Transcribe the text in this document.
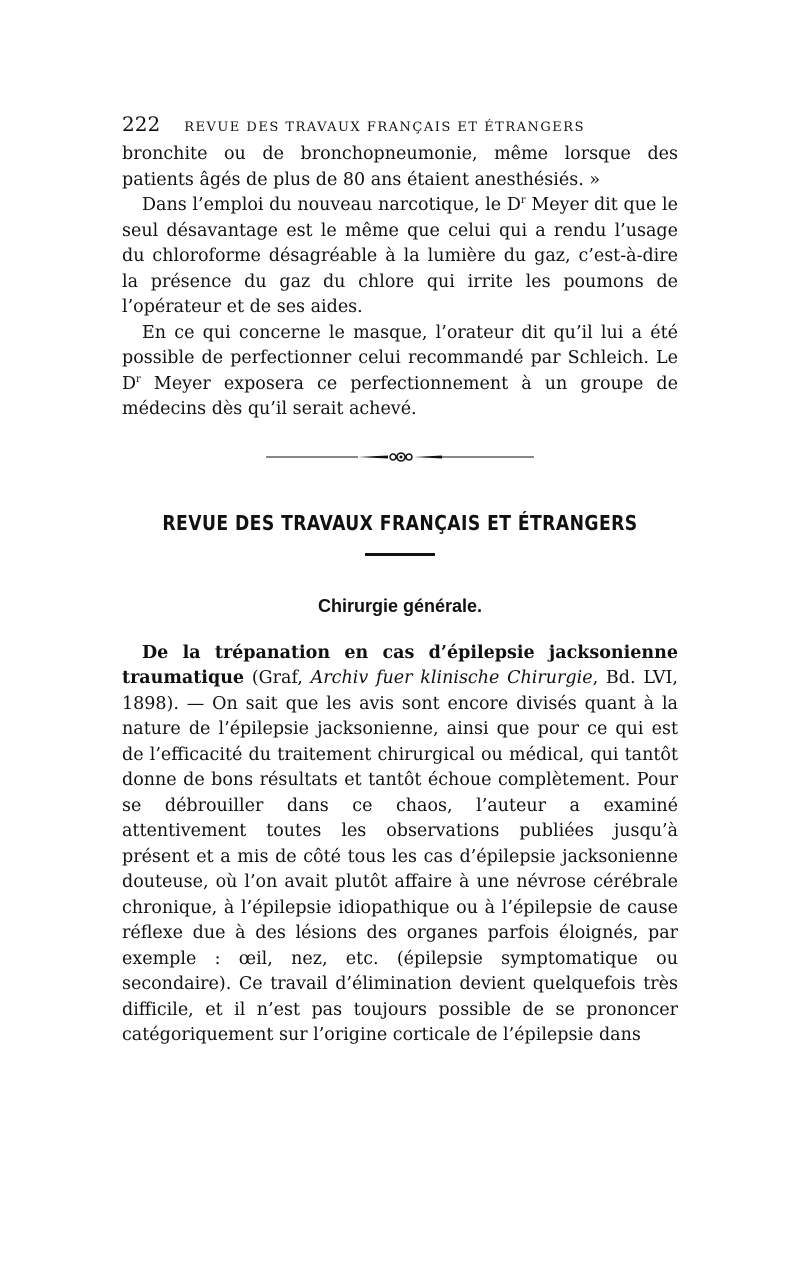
222 REVUE DES TRAVAUX FRANÇAIS ET ÉTRANGERS

bronchite ou de bronchopneumonie, même lorsque des patients âgés de plus de 80 ans étaient anesthésiés. »

Dans l’emploi du nouveau narcotique, le $D^r$ Meyer dit que le seul désavantage est le même que celui qui a rendu l’usage du chloroforme désagréable à la lumière du gaz, c’est-à-dire la présence du gaz du chlore qui irrite les poumons de l’opérateur et de ses aides.

En ce qui concerne le masque, l’orateur dit qu’il lui a été possible de perfectionner celui recommandé par Schleich. Le $D^r$ Meyer exposera ce perfectionnement à un groupe de médecins dès qu’il serait achevé.

REVUE DES TRAVAUX FRANÇAIS ET ÉTRANGERS
Chirurgie générale.

De la trépanation en cas d’épilepsie jacksonienne traumatique (Graf, Archiv fuer klinische Chirurgie, Bd. LVI, 1898). — On sait que les avis sont encore divisés quant à la nature de l’épilepsie jacksonienne, ainsi que pour ce qui est de l’efficacité du traitement chirurgical ou médical, qui tantôt donne de bons résultats et tantôt échoue complètement. Pour se débrouiller dans ce chaos, l’auteur a examiné attentivement toutes les observations publiées jusqu’à présent et a mis de côté tous les cas d’épilepsie jacksonienne douteuse, où l’on avait plutôt affaire à une névrose cérébrale chronique, à l’épilepsie idiopathique ou à l’épilepsie de cause réflexe due à des lésions des organes parfois éloignés, par exemple : œil, nez, etc. (épilepsie symptomatique ou secondaire). Ce travail d’élimination devient quelquefois très difficile, et il n’est pas toujours possible de se prononcer catégoriquement sur l’origine corticale de l’épilepsie dans
